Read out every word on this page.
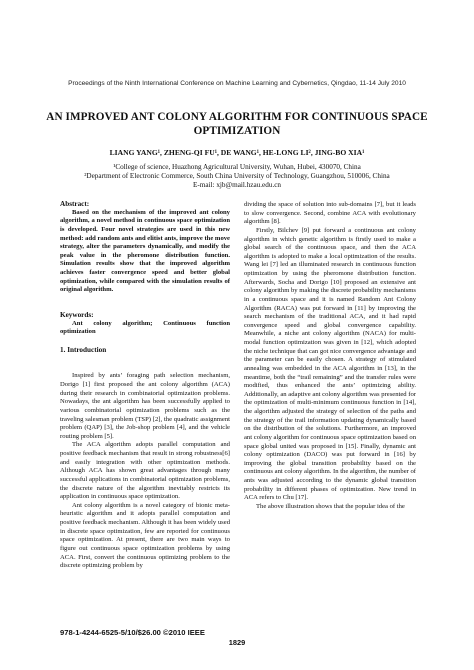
Proceedings of the Ninth International Conference on Machine Learning and Cybernetics, Qingdao, 11-14 July 2010
AN IMPROVED ANT COLONY ALGORITHM FOR CONTINUOUS SPACE
OPTIMIZATION
LIANG YANG¹, ZHENG-QI FU¹, DE WANG¹, HE-LONG LI², JING-BO XIA¹
¹College of science, Huazhong Agricultural University, Wuhan, Hubei, 430070, China
²Department of Electronic Commerce, South China University of Technology, Guangzhou, 510006, China
E-mail: xjb@mail.hzau.edu.cn

Abstract:

Based on the mechanism of the improved ant colony algorithm, a novel method in continuous space optimization is developed. Four novel strategies are used in this new method: add random ants and elitist ants, improve the move strategy, alter the parameters dynamically, and modify the peak value in the pheromone distribution function. Simulation results show that the improved algorithm achieves faster convergence speed and better global optimization, while compared with the simulation results of original algorithm.

Keywords:

Ant colony algorithm; Continuous function optimization

1. Introduction

Inspired by ants’ foraging path selection mechanism, Dorigo [1] first proposed the ant colony algorithm (ACA) during their research in combinatorial optimization problems. Nowadays, the ant algorithm has been successfully applied to various combinatorial optimization problems such as the traveling salesman problem (TSP) [2], the quadratic assignment problem (QAP) [3], the Job-shop problem [4], and the vehicle routing problem [5].

The ACA algorithm adopts parallel computation and positive feedback mechanism that result in strong robustness[6] and easily integration with other optimization methods. Although ACA has shown great advantages through many successful applications in combinatorial optimization problems, the discrete nature of the algorithm inevitably restricts its application in continuous space optimization.

Ant colony algorithm is a novel category of bionic meta-heuristic algorithm and it adopts parallel computation and positive feedback mechanism. Although it has been widely used in discrete space optimization, few are reported for continuous space optimization. At present, there are two main ways to figure out continuous space optimization problems by using ACA. First, convert the continuous optimizing problem to the discrete optimizing problem by

dividing the space of solution into sub-domains [7], but it leads to slow convergence. Second, combine ACA with evolutionary algorithm [8].

Firstly, Bilchev [9] put forward a continuous ant colony algorithm in which genetic algorithm is firstly used to make a global search of the continuous space, and then the ACA algorithm is adopted to make a local optimization of the results. Wang lei [7] led an illuminated research in continuous function optimization by using the pheromone distribution function. Afterwards, Socha and Dorigo [10] proposed an extensive ant colony algorithm by making the discrete probability mechanisms in a continuous space and it is named Random Ant Colony Algorithm (RACA) was put forward in [11] by improving the search mechanism of the traditional ACA, and it had rapid convergence speed and global convergence capability. Meanwhile, a niche ant colony algorithm (NACA) for multi-modal function optimization was given in [12], which adopted the niche technique that can got nice convergence advantage and the parameter can be easily chosen. A strategy of stimulated annealing was embedded in the ACA algorithm in [13], in the meantime, both the “trail remaining” and the transfer rules were modified, thus enhanced the ants’ optimizing ability. Additionally, an adaptive ant colony algorithm was presented for the optimization of multi-minimum continuous function in [14], the algorithm adjusted the strategy of selection of the paths and the strategy of the trail information updating dynamically based on the distribution of the solutions. Furthermore, an improved ant colony algorithm for continuous space optimization based on space global united was proposed in [15]. Finally, dynamic ant colony optimization (DACO) was put forward in [16] by improving the global transition probability based on the continuous ant colony algorithm. In the algorithm, the number of ants was adjusted according to the dynamic global transition probability in different phases of optimization. New trend in ACA refers to Chu [17].

The above illustration shows that the popular idea of the

978-1-4244-6525-5/10/$26.00 ©2010 IEEE
1829
